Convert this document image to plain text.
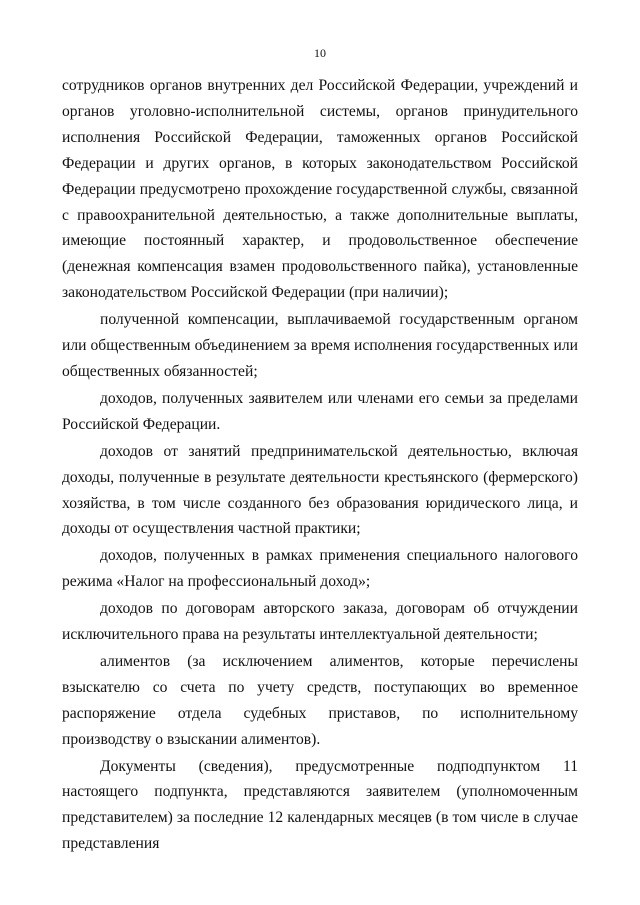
10

сотрудников органов внутренних дел Российской Федерации, учреждений и органов уголовно-исполнительной системы, органов принудительного исполнения Российской Федерации, таможенных органов Российской Федерации и других органов, в которых законодательством Российской Федерации предусмотрено прохождение государственной службы, связанной с правоохранительной деятельностью, а также дополнительные выплаты, имеющие постоянный характер, и продовольственное обеспечение (денежная компенсация взамен продовольственного пайка), установленные законодательством Российской Федерации (при наличии);

полученной компенсации, выплачиваемой государственным органом или общественным объединением за время исполнения государственных или общественных обязанностей;

доходов, полученных заявителем или членами его семьи за пределами Российской Федерации.

доходов от занятий предпринимательской деятельностью, включая доходы, полученные в результате деятельности крестьянского (фермерского) хозяйства, в том числе созданного без образования юридического лица, и доходы от осуществления частной практики;

доходов, полученных в рамках применения специального налогового режима «Налог на профессиональный доход»;

доходов по договорам авторского заказа, договорам об отчуждении исключительного права на результаты интеллектуальной деятельности;

алиментов (за исключением алиментов, которые перечислены взыскателю со счета по учету средств, поступающих во временное распоряжение отдела судебных приставов, по исполнительному производству о взыскании алиментов).

Документы (сведения), предусмотренные подподпунктом 11 настоящего подпункта, представляются заявителем (уполномоченным представителем) за последние 12 календарных месяцев (в том числе в случае представления
